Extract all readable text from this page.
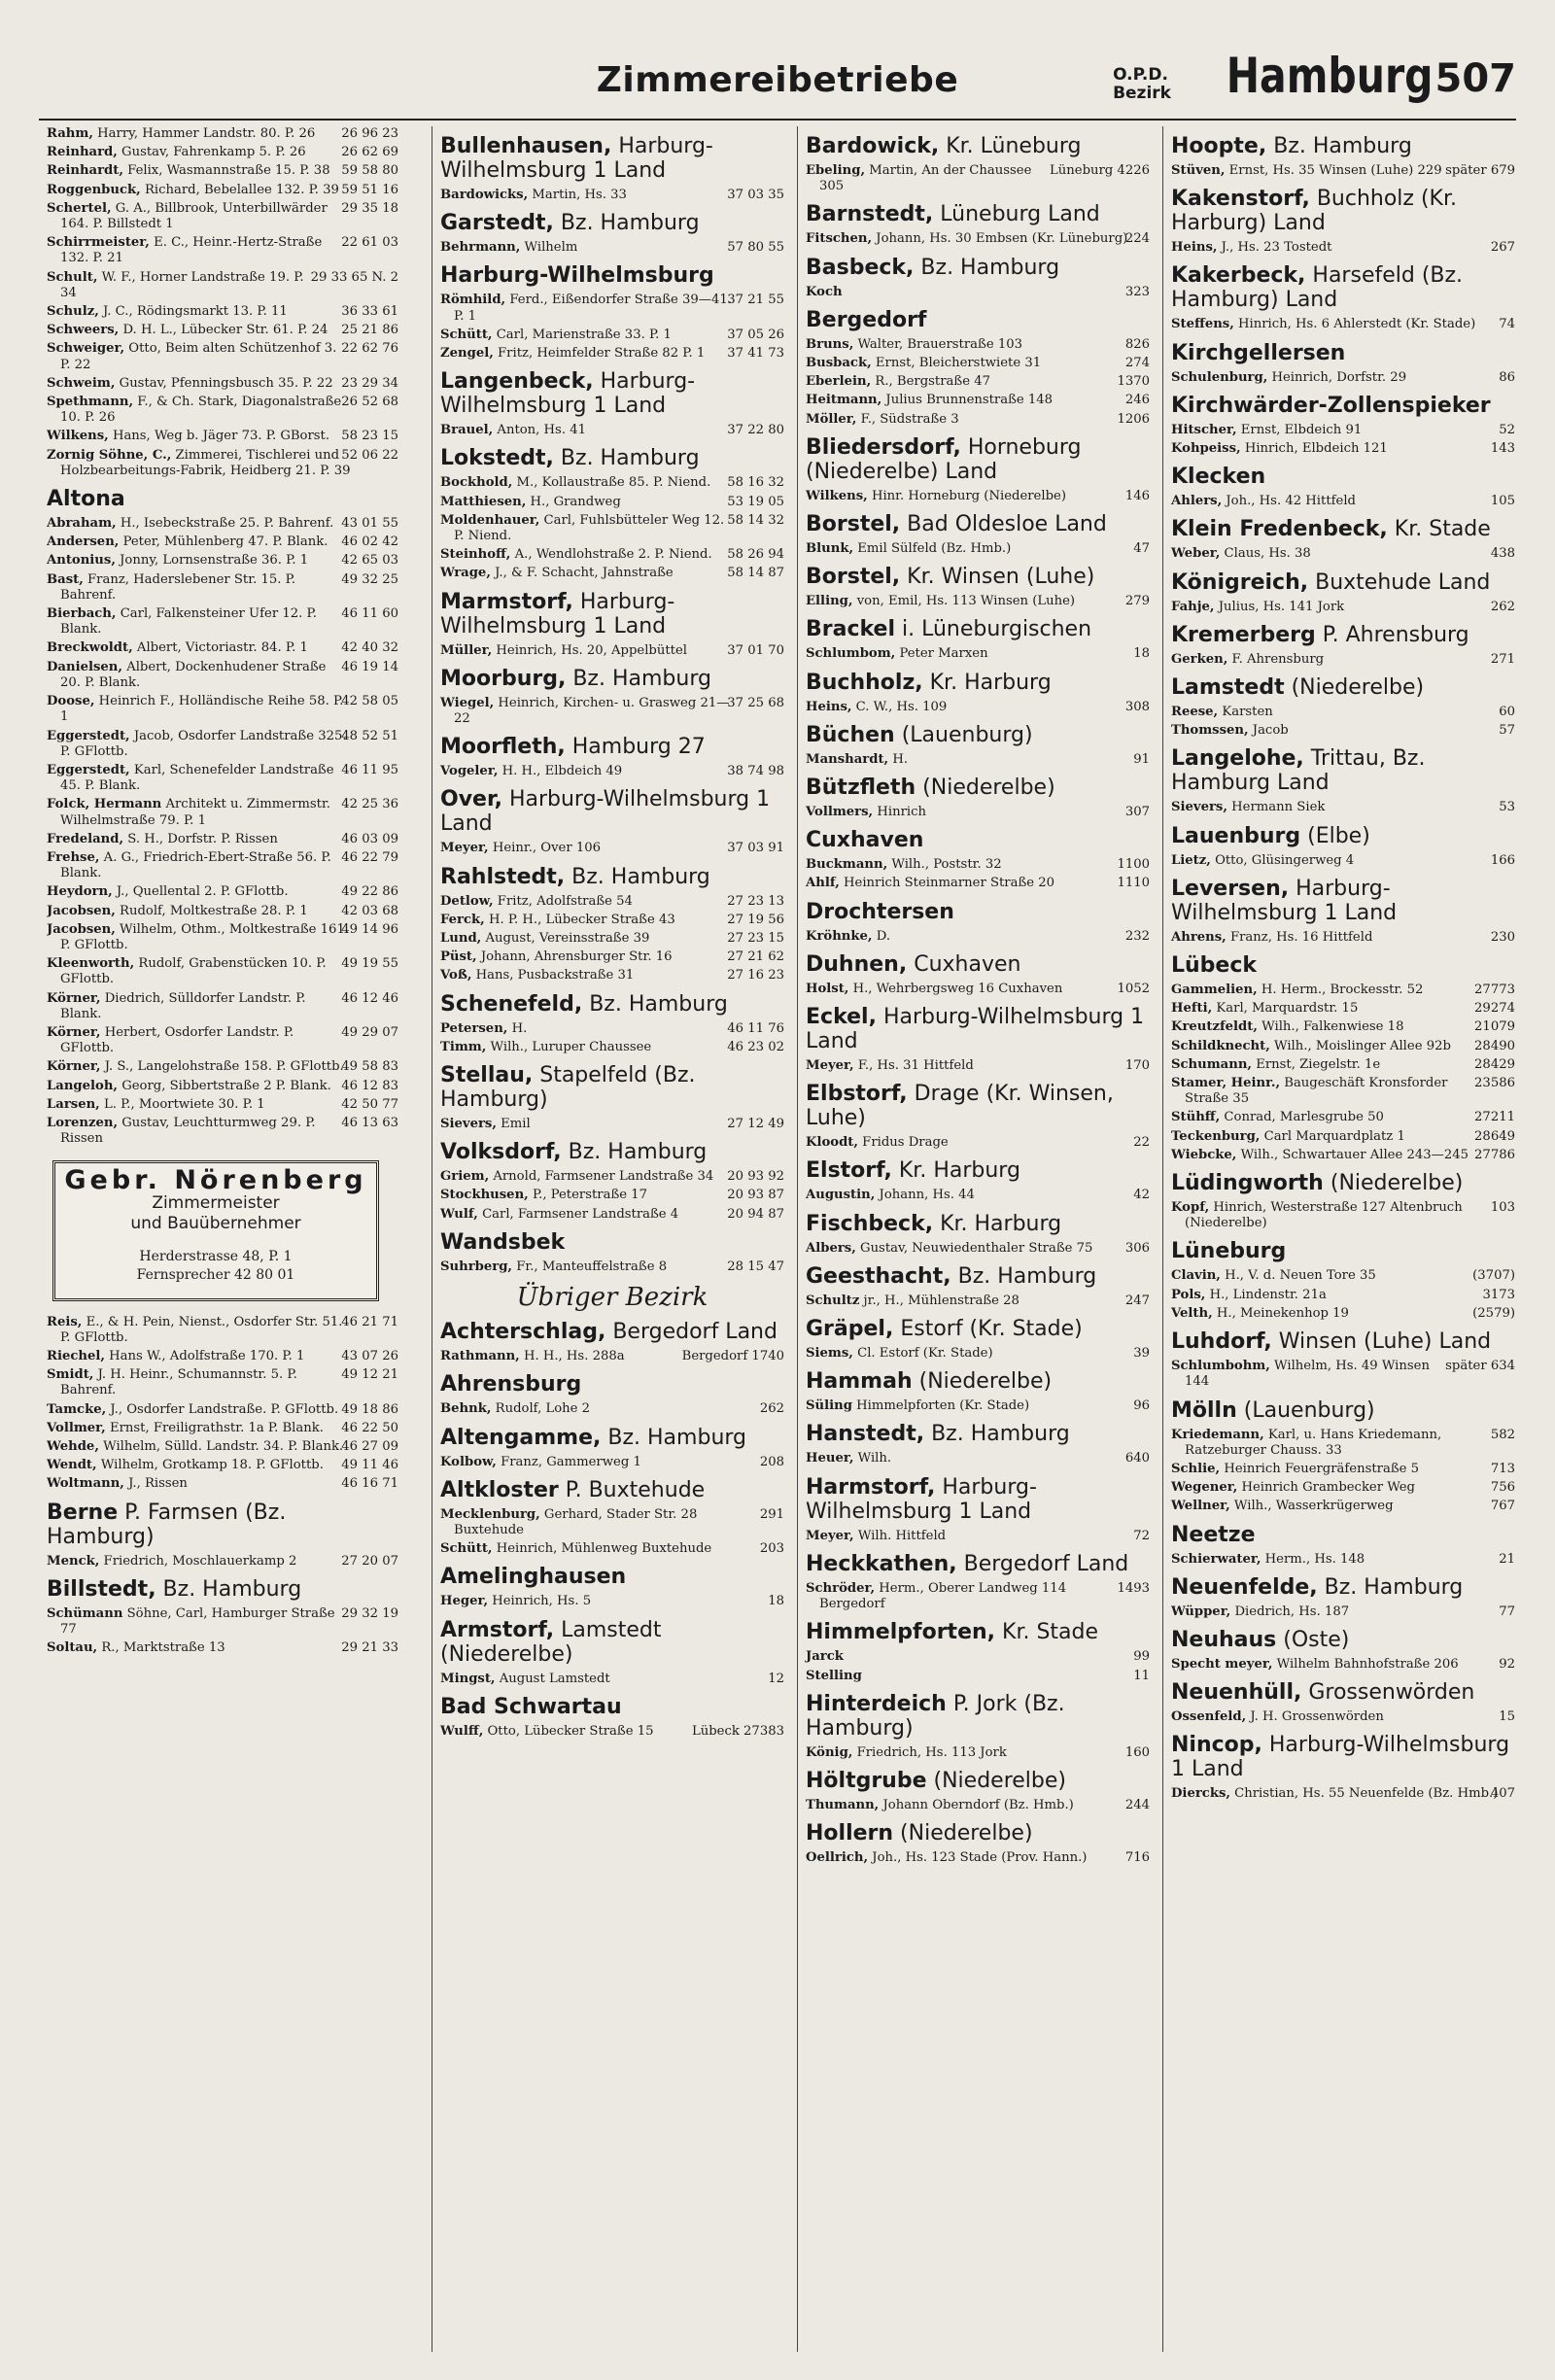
Zimmereibetriebe	O.P.D.
Bezirk Hamburg 507
26 96 23
Rahm, Harry, Hammer Landstr. 80. P. 26
26 62 69
Reinhard, Gustav, Fahrenkamp 5. P. 26
59 58 80
Reinhardt, Felix, Wasmannstraße 15. P. 38
59 51 16
Roggenbuck, Richard, Bebelallee 132. P. 39
29 35 18
Schertel, G. A., Billbrook, Unterbillwärder 164. P. Billstedt 1
22 61 03
Schirrmeister, E. C., Heinr.-Hertz-Straße 132. P. 21
29 33 65 N. 2
Schult, W. F., Horner Landstraße 19. P. 34
36 33 61
Schulz, J. C., Rödingsmarkt 13. P. 11
25 21 86
Schweers, D. H. L., Lübecker Str. 61. P. 24
22 62 76
Schweiger, Otto, Beim alten Schützenhof 3. P. 22
23 29 34
Schweim, Gustav, Pfenningsbusch 35. P. 22
26 52 68
Spethmann, F., & Ch. Stark, Diagonalstraße 10. P. 26
58 23 15
Wilkens, Hans, Weg b. Jäger 73. P. GBorst.
52 06 22
Zornig Söhne, C., Zimmerei, Tischlerei und Holzbearbeitungs-Fabrik, Heidberg 21. P. 39
Altona
43 01 55
Abraham, H., Isebeckstraße 25. P. Bahrenf.
46 02 42
Andersen, Peter, Mühlenberg 47. P. Blank.
42 65 03
Antonius, Jonny, Lornsenstraße 36. P. 1
49 32 25
Bast, Franz, Haderslebener Str. 15. P. Bahrenf.
46 11 60
Bierbach, Carl, Falkensteiner Ufer 12. P. Blank.
42 40 32
Breckwoldt, Albert, Victoriastr. 84. P. 1
46 19 14
Danielsen, Albert, Dockenhudener Straße 20. P. Blank.
42 58 05
Doose, Heinrich F., Holländische Reihe 58. P. 1
48 52 51
Eggerstedt, Jacob, Osdorfer Landstraße 325. P. GFlottb.
46 11 95
Eggerstedt, Karl, Schenefelder Landstraße 45. P. Blank.
42 25 36
Folck, Hermann Architekt u. Zimmermstr. Wilhelmstraße 79. P. 1
46 03 09
Fredeland, S. H., Dorfstr. P. Rissen
46 22 79
Frehse, A. G., Friedrich-Ebert-Straße 56. P. Blank.
49 22 86
Heydorn, J., Quellental 2. P. GFlottb.
42 03 68
Jacobsen, Rudolf, Moltkestraße 28. P. 1
49 14 96
Jacobsen, Wilhelm, Othm., Moltkestraße 161. P. GFlottb.
49 19 55
Kleenworth, Rudolf, Grabenstücken 10. P. GFlottb.
46 12 46
Körner, Diedrich, Sülldorfer Landstr. P. Blank.
49 29 07
Körner, Herbert, Osdorfer Landstr. P. GFlottb.
49 58 83
Körner, J. S., Langelohstraße 158. P. GFlottb.
46 12 83
Langeloh, Georg, Sibbertstraße 2 P. Blank.
42 50 77
Larsen, L. P., Moortwiete 30. P. 1
46 13 63
Lorenzen, Gustav, Leuchtturmweg 29. P. Rissen
Gebr. Nörenberg
Zimmermeister
und Bauübernehmer
Herderstrasse 48, P. 1
Fernsprecher 42 80 01
46 21 71
Reis, E., & H. Pein, Nienst., Osdorfer Str. 51. P. GFlottb.
43 07 26
Riechel, Hans W., Adolfstraße 170. P. 1
49 12 21
Smidt, J. H. Heinr., Schumannstr. 5. P. Bahrenf.
49 18 86
Tamcke, J., Osdorfer Landstraße. P. GFlottb.
46 22 50
Vollmer, Ernst, Freiligrathstr. 1a P. Blank.
46 27 09
Wehde, Wilhelm, Sülld. Landstr. 34. P. Blank.
49 11 46
Wendt, Wilhelm, Grotkamp 18. P. GFlottb.
46 16 71
Woltmann, J., Rissen
Berne P. Farmsen (Bz. Hamburg)
27 20 07
Menck, Friedrich, Moschlauerkamp 2
Billstedt, Bz. Hamburg
29 32 19
Schümann Söhne, Carl, Hamburger Straße 77
29 21 33
Soltau, R., Marktstraße 13
Bullenhausen, Harburg-Wilhelmsburg 1 Land
37 03 35
Bardowicks, Martin, Hs. 33
Garstedt, Bz. Hamburg
57 80 55
Behrmann, Wilhelm
Harburg-Wilhelmsburg
37 21 55
Römhild, Ferd., Eißendorfer Straße 39—41. P. 1
37 05 26
Schütt, Carl, Marienstraße 33. P. 1
37 41 73
Zengel, Fritz, Heimfelder Straße 82 P. 1
Langenbeck, Harburg-Wilhelmsburg 1 Land
37 22 80
Brauel, Anton, Hs. 41
Lokstedt, Bz. Hamburg
58 16 32
Bockhold, M., Kollaustraße 85. P. Niend.
53 19 05
Matthiesen, H., Grandweg
58 14 32
Moldenhauer, Carl, Fuhlsbütteler Weg 12. P. Niend.
58 26 94
Steinhoff, A., Wendlohstraße 2. P. Niend.
58 14 87
Wrage, J., & F. Schacht, Jahnstraße
Marmstorf, Harburg-Wilhelmsburg 1 Land
37 01 70
Müller, Heinrich, Hs. 20, Appelbüttel
Moorburg, Bz. Hamburg
37 25 68
Wiegel, Heinrich, Kirchen- u. Grasweg 21—22
Moorfleth, Hamburg 27
38 74 98
Vogeler, H. H., Elbdeich 49
Over, Harburg-Wilhelmsburg 1 Land
37 03 91
Meyer, Heinr., Over 106
Rahlstedt, Bz. Hamburg
27 23 13
Detlow, Fritz, Adolfstraße 54
27 19 56
Ferck, H. P. H., Lübecker Straße 43
27 23 15
Lund, August, Vereinsstraße 39
27 21 62
Püst, Johann, Ahrensburger Str. 16
27 16 23
Voß, Hans, Pusbackstraße 31
Schenefeld, Bz. Hamburg
46 11 76
Petersen, H.
46 23 02
Timm, Wilh., Luruper Chaussee
Stellau, Stapelfeld (Bz. Hamburg)
27 12 49
Sievers, Emil
Volksdorf, Bz. Hamburg
20 93 92
Griem, Arnold, Farmsener Landstraße 34
20 93 87
Stockhusen, P., Peterstraße 17
20 94 87
Wulf, Carl, Farmsener Landstraße 4
Wandsbek
28 15 47
Suhrberg, Fr., Manteuffelstraße 8
Übriger Bezirk
Achterschlag, Bergedorf Land
Bergedorf 1740
Rathmann, H. H., Hs. 288a
Ahrensburg
262
Behnk, Rudolf, Lohe 2
Altengamme, Bz. Hamburg
208
Kolbow, Franz, Gammerweg 1
Altkloster P. Buxtehude
291
Mecklenburg, Gerhard, Stader Str. 28 Buxtehude
203
Schütt, Heinrich, Mühlenweg Buxtehude
Amelinghausen
18
Heger, Heinrich, Hs. 5
Armstorf, Lamstedt (Niederelbe)
12
Mingst, August Lamstedt
Bad Schwartau
Lübeck 27383
Wulff, Otto, Lübecker Straße 15
Bardowick, Kr. Lüneburg
Lüneburg 4226
Ebeling, Martin, An der Chaussee 305
Barnstedt, Lüneburg Land
224
Fitschen, Johann, Hs. 30 Embsen (Kr. Lüneburg)
Basbeck, Bz. Hamburg
323
Koch
Bergedorf
826
Bruns, Walter, Brauerstraße 103
274
Busback, Ernst, Bleicherstwiete 31
1370
Eberlein, R., Bergstraße 47
246
Heitmann, Julius Brunnenstraße 148
1206
Möller, F., Südstraße 3
Bliedersdorf, Horneburg (Niederelbe) Land
146
Wilkens, Hinr. Horneburg (Niederelbe)
Borstel, Bad Oldesloe Land
47
Blunk, Emil Sülfeld (Bz. Hmb.)
Borstel, Kr. Winsen (Luhe)
279
Elling, von, Emil, Hs. 113 Winsen (Luhe)
Brackel i. Lüneburgischen
18
Schlumbom, Peter Marxen
Buchholz, Kr. Harburg
308
Heins, C. W., Hs. 109
Büchen (Lauenburg)
91
Manshardt, H.
Bützfleth (Niederelbe)
307
Vollmers, Hinrich
Cuxhaven
1100
Buckmann, Wilh., Poststr. 32
1110
Ahlf, Heinrich Steinmarner Straße 20
Drochtersen
232
Kröhnke, D.
Duhnen, Cuxhaven
1052
Holst, H., Wehrbergsweg 16 Cuxhaven
Eckel, Harburg-Wilhelmsburg 1 Land
170
Meyer, F., Hs. 31 Hittfeld
Elbstorf, Drage (Kr. Winsen, Luhe)
22
Kloodt, Fridus Drage
Elstorf, Kr. Harburg
42
Augustin, Johann, Hs. 44
Fischbeck, Kr. Harburg
306
Albers, Gustav, Neuwiedenthaler Straße 75
Geesthacht, Bz. Hamburg
247
Schultz jr., H., Mühlenstraße 28
Gräpel, Estorf (Kr. Stade)
39
Siems, Cl. Estorf (Kr. Stade)
Hammah (Niederelbe)
96
Süling Himmelpforten (Kr. Stade)
Hanstedt, Bz. Hamburg
640
Heuer, Wilh.
Harmstorf, Harburg-Wilhelmsburg 1 Land
72
Meyer, Wilh. Hittfeld
Heckkathen, Bergedorf Land
1493
Schröder, Herm., Oberer Landweg 114 Bergedorf
Himmelpforten, Kr. Stade
99
Jarck
11
Stelling
Hinterdeich P. Jork (Bz. Hamburg)
160
König, Friedrich, Hs. 113 Jork
Höltgrube (Niederelbe)
244
Thumann, Johann Oberndorf (Bz. Hmb.)
Hollern (Niederelbe)
716
Oellrich, Joh., Hs. 123 Stade (Prov. Hann.)
Hoopte, Bz. Hamburg
später 679
Stüven, Ernst, Hs. 35 Winsen (Luhe) 229
Kakenstorf, Buchholz (Kr. Harburg) Land
267
Heins, J., Hs. 23 Tostedt
Kakerbeck, Harsefeld (Bz. Hamburg) Land
74
Steffens, Hinrich, Hs. 6 Ahlerstedt (Kr. Stade)
Kirchgellersen
86
Schulenburg, Heinrich, Dorfstr. 29
Kirchwärder-Zollenspieker
52
Hitscher, Ernst, Elbdeich 91
143
Kohpeiss, Hinrich, Elbdeich 121
Klecken
105
Ahlers, Joh., Hs. 42 Hittfeld
Klein Fredenbeck, Kr. Stade
438
Weber, Claus, Hs. 38
Königreich, Buxtehude Land
262
Fahje, Julius, Hs. 141 Jork
Kremerberg P. Ahrensburg
271
Gerken, F. Ahrensburg
Lamstedt (Niederelbe)
60
Reese, Karsten
57
Thomssen, Jacob
Langelohe, Trittau, Bz. Hamburg Land
53
Sievers, Hermann Siek
Lauenburg (Elbe)
166
Lietz, Otto, Glüsingerweg 4
Leversen, Harburg-Wilhelmsburg 1 Land
230
Ahrens, Franz, Hs. 16 Hittfeld
Lübeck
27773
Gammelien, H. Herm., Brockesstr. 52
29274
Hefti, Karl, Marquardstr. 15
21079
Kreutzfeldt, Wilh., Falkenwiese 18
28490
Schildknecht, Wilh., Moislinger Allee 92b
28429
Schumann, Ernst, Ziegelstr. 1e
23586
Stamer, Heinr., Baugeschäft Kronsforder Straße 35
27211
Stühff, Conrad, Marlesgrube 50
28649
Teckenburg, Carl Marquardplatz 1
27786
Wiebcke, Wilh., Schwartauer Allee 243—245
Lüdingworth (Niederelbe)
103
Kopf, Hinrich, Westerstraße 127 Altenbruch (Niederelbe)
Lüneburg
(3707)
Clavin, H., V. d. Neuen Tore 35
3173
Pols, H., Lindenstr. 21a
(2579)
Velth, H., Meinekenhop 19
Luhdorf, Winsen (Luhe) Land
später 634
Schlumbohm, Wilhelm, Hs. 49 Winsen 144
Mölln (Lauenburg)
582
Kriedemann, Karl, u. Hans Kriedemann, Ratzeburger Chauss. 33
713
Schlie, Heinrich Feuergräfenstraße 5
756
Wegener, Heinrich Grambecker Weg
767
Wellner, Wilh., Wasserkrügerweg
Neetze
21
Schierwater, Herm., Hs. 148
Neuenfelde, Bz. Hamburg
77
Wüpper, Diedrich, Hs. 187
Neuhaus (Oste)
92
Specht meyer, Wilhelm Bahnhofstraße 206
Neuenhüll, Grossenwörden
15
Ossenfeld, J. H. Grossenwörden
Nincop, Harburg-Wilhelmsburg 1 Land
407
Diercks, Christian, Hs. 55 Neuenfelde (Bz. Hmb.)
